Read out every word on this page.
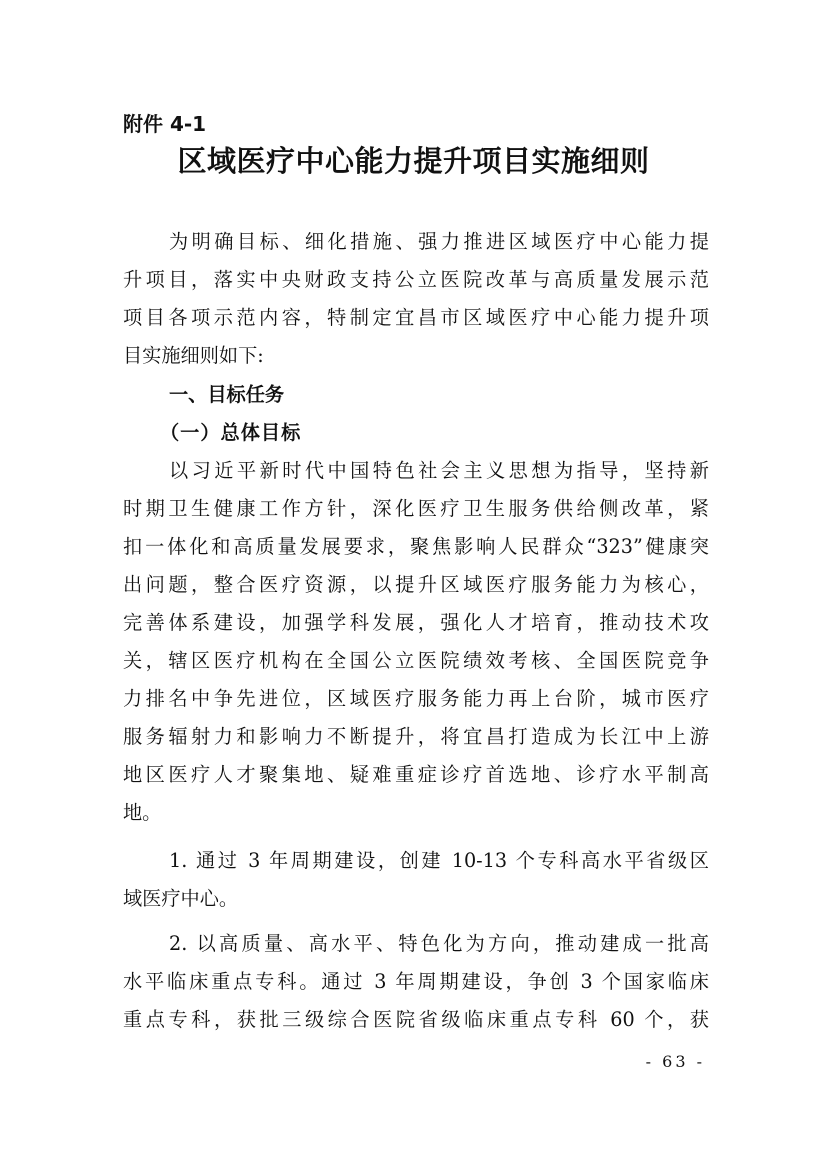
附件 4-1
区域医疗中心能力提升项目实施细则
为明确目标、细化措施、强力推进区域医疗中心能力提
升项目，落实中央财政支持公立医院改革与高质量发展示范
项目各项示范内容，特制定宜昌市区域医疗中心能力提升项
目实施细则如下:
一、目标任务
（一）总体目标
以习近平新时代中国特色社会主义思想为指导，坚持新
时期卫生健康工作方针，深化医疗卫生服务供给侧改革，紧
扣一体化和高质量发展要求，聚焦影响人民群众“323”健康突
出问题，整合医疗资源，以提升区域医疗服务能力为核心，
完善体系建设，加强学科发展，强化人才培育，推动技术攻
关，辖区医疗机构在全国公立医院绩效考核、全国医院竞争
力排名中争先进位，区域医疗服务能力再上台阶，城市医疗
服务辐射力和影响力不断提升，将宜昌打造成为长江中上游
地区医疗人才聚集地、疑难重症诊疗首选地、诊疗水平制高
地。
1. 通过 3 年周期建设，创建 10-13 个专科高水平省级区
域医疗中心。
2. 以高质量、高水平、特色化为方向，推动建成一批高
水平临床重点专科。通过 3 年周期建设，争创 3 个国家临床
重点专科，获批三级综合医院省级临床重点专科 60 个，获
- 63 -
